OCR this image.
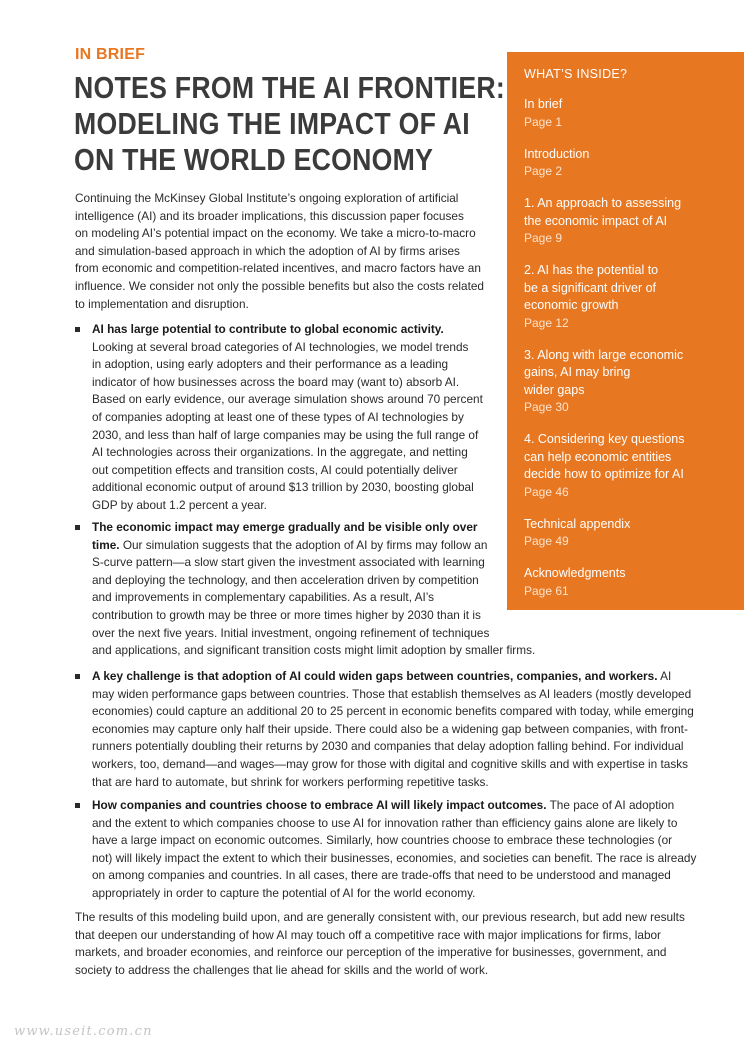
IN BRIEF
NOTES FROM THE AI FRONTIER:
MODELING THE IMPACT OF AI
ON THE WORLD ECONOMY
WHAT’S INSIDE?
In brief
Page 1
Introduction
Page 2
1. An approach to assessing
the economic impact of AI
Page 9
2. AI has the potential to
be a significant driver of
economic growth
Page 12
3. Along with large economic
gains, AI may bring
wider gaps
Page 30
4. Considering key questions
can help economic entities
decide how to optimize for AI
Page 46
Technical appendix
Page 49
Acknowledgments
Page 61

Continuing the McKinsey Global Institute’s ongoing exploration of artificial
intelligence (AI) and its broader implications, this discussion paper focuses
on modeling AI’s potential impact on the economy. We take a micro-to-macro
and simulation-based approach in which the adoption of AI by firms arises
from economic and competition-related incentives, and macro factors have an
influence. We consider not only the possible benefits but also the costs related
to implementation and disruption.

AI has large potential to contribute to global economic activity.
Looking at several broad categories of AI technologies, we model trends
in adoption, using early adopters and their performance as a leading
indicator of how businesses across the board may (want to) absorb AI.
Based on early evidence, our average simulation shows around 70 percent
of companies adopting at least one of these types of AI technologies by
2030, and less than half of large companies may be using the full range of
AI technologies across their organizations. In the aggregate, and netting
out competition effects and transition costs, AI could potentially deliver
additional economic output of around $13 trillion by 2030, boosting global
GDP by about 1.2 percent a year.
The economic impact may emerge gradually and be visible only over
time. Our simulation suggests that the adoption of AI by firms may follow an
S-curve pattern—a slow start given the investment associated with learning
and deploying the technology, and then acceleration driven by competition
and improvements in complementary capabilities. As a result, AI’s
contribution to growth may be three or more times higher by 2030 than it is
over the next five years. Initial investment, ongoing refinement of techniques
and applications, and significant transition costs might limit adoption by smaller firms.
A key challenge is that adoption of AI could widen gaps between countries, companies, and workers. AI
may widen performance gaps between countries. Those that establish themselves as AI leaders (mostly developed
economies) could capture an additional 20 to 25 percent in economic benefits compared with today, while emerging
economies may capture only half their upside. There could also be a widening gap between companies, with front-
runners potentially doubling their returns by 2030 and companies that delay adoption falling behind. For individual
workers, too, demand—and wages—may grow for those with digital and cognitive skills and with expertise in tasks
that are hard to automate, but shrink for workers performing repetitive tasks.
How companies and countries choose to embrace AI will likely impact outcomes. The pace of AI adoption
and the extent to which companies choose to use AI for innovation rather than efficiency gains alone are likely to
have a large impact on economic outcomes. Similarly, how countries choose to embrace these technologies (or
not) will likely impact the extent to which their businesses, economies, and societies can benefit. The race is already
on among companies and countries. In all cases, there are trade-offs that need to be understood and managed
appropriately in order to capture the potential of AI for the world economy.

The results of this modeling build upon, and are generally consistent with, our previous research, but add new results
that deepen our understanding of how AI may touch off a competitive race with major implications for firms, labor
markets, and broader economies, and reinforce our perception of the imperative for businesses, government, and
society to address the challenges that lie ahead for skills and the world of work.

www.useit.com.cn
